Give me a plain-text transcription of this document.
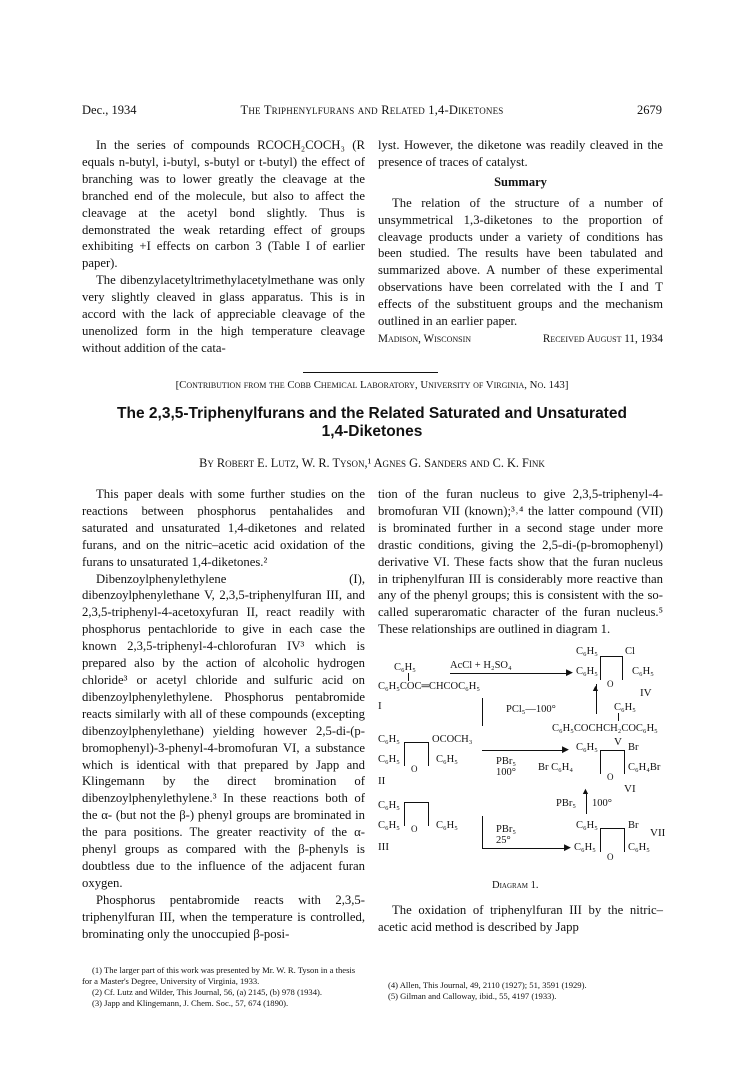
Dec., 1934	The Triphenylfurans and Related 1,4-Diketones	2679

In the series of compounds RCOCH₂COCH₃ (R equals n-butyl, i-butyl, s-butyl or t-butyl) the effect of branching was to lower greatly the cleavage at the branched end of the molecule, but also to affect the cleavage at the acetyl bond slightly. Thus is demonstrated the weak retarding effect of groups exhibiting +I effects on carbon 3 (Table I of earlier paper).

The dibenzylacetyltrimethylacetylmethane was only very slightly cleaved in glass apparatus. This is in accord with the lack of appreciable cleavage of the unenolized form in the high temperature cleavage without addition of the cata-

lyst. However, the diketone was readily cleaved in the presence of traces of catalyst.

Summary

The relation of the structure of a number of unsymmetrical 1,3-diketones to the proportion of cleavage products under a variety of conditions has been studied. The results have been tabulated and summarized above. A number of these experimental observations have been correlated with the I and T effects of the substituent groups and the mechanism outlined in an earlier paper.

Madison, Wisconsin	Received August 11, 1934
[Contribution from the Cobb Chemical Laboratory, University of Virginia, No. 143]
The 2,3,5-Triphenylfurans and the Related Saturated and Unsaturated
1,4-Diketones
By Robert E. Lutz, W. R. Tyson,¹ Agnes G. Sanders and C. K. Fink

This paper deals with some further studies on the reactions between phosphorus pentahalides and saturated and unsaturated 1,4-diketones and related furans, and on the nitric–acetic acid oxidation of the furans to unsaturated 1,4-diketones.²

Dibenzoylphenylethylene (I), dibenzoylphenylethane V, 2,3,5-triphenylfuran III, and 2,3,5-triphenyl-4-acetoxyfuran II, react readily with phosphorus pentachloride to give in each case the known 2,3,5-triphenyl-4-chlorofuran IV³ which is prepared also by the action of alcoholic hydrogen chloride³ or acetyl chloride and sulfuric acid on dibenzoylphenylethylene. Phosphorus pentabromide reacts similarly with all of these compounds (excepting dibenzoylphenylethane) yielding however 2,5-di-(p-bromophenyl)-3-phenyl-4-bromofuran VI, a substance which is identical with that prepared by Japp and Klingemann by the direct bromination of dibenzoylphenylethylene.³ In these reactions both of the α- (but not the β-) phenyl groups are brominated in the para positions. The greater reactivity of the α-phenyl groups as compared with the β-phenyls is doubtless due to the influence of the adjacent furan oxygen.

Phosphorus pentabromide reacts with 2,3,5-triphenylfuran III, when the temperature is controlled, brominating only the unoccupied β-posi-

tion of the furan nucleus to give 2,3,5-triphenyl-4-bromofuran VII (known);³˒⁴ the latter compound (VII) is brominated further in a second stage under more drastic conditions, giving the 2,5-di-(p-bromophenyl) derivative VI. These facts show that the furan nucleus in triphenylfuran III is considerably more reactive than any of the phenyl groups; this is consistent with the so-called superaromatic character of the furan nucleus.⁵ These relationships are outlined in diagram 1.

C₆H₅	AcCl + H₂SO₄
▶
C₆H₅COC═CHCOC₆H₅
I
C₆H₅	Cl
C₆H₅	C₆H₅
O
IV
PCl₅—100°
▲
C₆H₅
C₆H₅COCHCH₂COC₆H₅
V
C₆H₅	OCOCH₃
C₆H₅	C₆H₅
O
II
PBr₅
100°
▶ C₆H₅	Br
Br C₆H₄	C₆H₄Br
O
VI
PBr₅
▲
100°
C₆H₅
C₆H₅	C₆H₅
O
III
PBr₅
25°
▶
C₆H₅	Br
C₆H₅	C₆H₅
O
VII
Diagram 1.

The oxidation of triphenylfuran III by the nitric–acetic acid method is described by Japp

(1) The larger part of this work was presented by Mr. W. R. Tyson in a thesis for a Master's Degree, University of Virginia, 1933.
(2) Cf. Lutz and Wilder, This Journal, 56, (a) 2145, (b) 978 (1934).
(3) Japp and Klingemann, J. Chem. Soc., 57, 674 (1890).
(4) Allen, This Journal, 49, 2110 (1927); 51, 3591 (1929).
(5) Gilman and Calloway, ibid., 55, 4197 (1933).
